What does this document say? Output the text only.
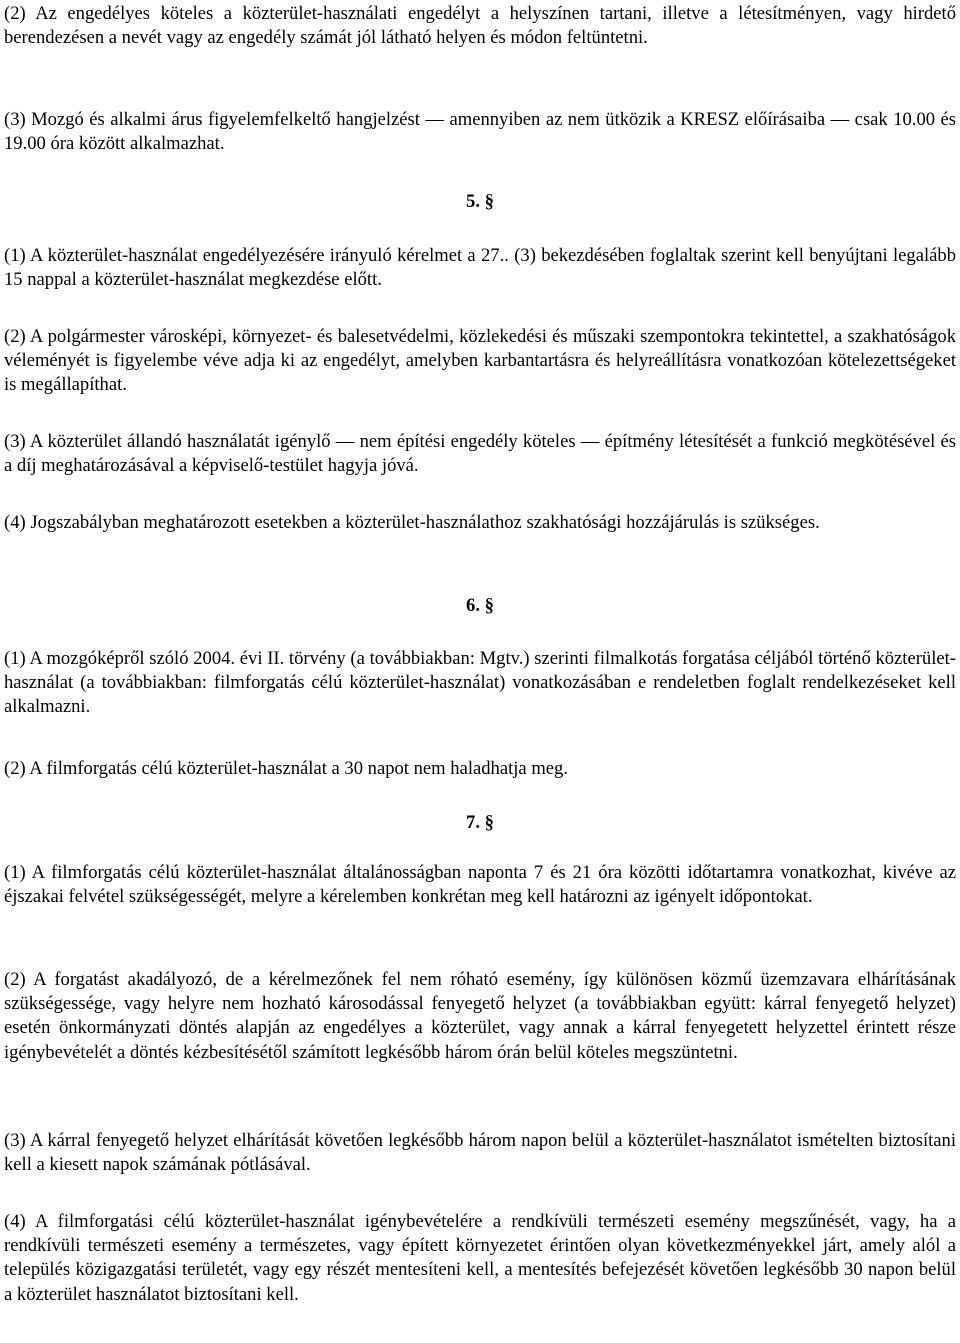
(2) Az engedélyes köteles a közterület-használati engedélyt a helyszínen tartani, illetve a létesítményen, vagy hirdető berendezésen a nevét vagy az engedély számát jól látható helyen és módon feltüntetni.

(3) Mozgó és alkalmi árus figyelemfelkeltő hangjelzést ― amennyiben az nem ütközik a KRESZ előírásaiba ― csak 10.00 és 19.00 óra között alkalmazhat.

5. §

(1) A közterület-használat engedélyezésére irányuló kérelmet a 27.. (3) bekezdésében foglaltak szerint kell benyújtani legalább 15 nappal a közterület-használat megkezdése előtt.

(2) A polgármester városképi, környezet- és balesetvédelmi, közlekedési és műszaki szempontokra tekintettel, a szakhatóságok véleményét is figyelembe véve adja ki az engedélyt, amelyben karbantartásra és helyreállításra vonatkozóan kötelezettségeket is megállapíthat.

(3) A közterület állandó használatát igénylő ― nem építési engedély köteles ― építmény létesítését a funkció megkötésével és a díj meghatározásával a képviselő-testület hagyja jóvá.

(4) Jogszabályban meghatározott esetekben a közterület-használathoz szakhatósági hozzájárulás is szükséges.

6. §

(1) A mozgóképről szóló 2004. évi II. törvény (a továbbiakban: Mgtv.) szerinti filmalkotás forgatása céljából történő közterület-használat (a továbbiakban: filmforgatás célú közterület-használat) vonatkozásában e rendeletben foglalt rendelkezéseket kell alkalmazni.

(2) A filmforgatás célú közterület-használat a 30 napot nem haladhatja meg.

7. §

(1) A filmforgatás célú közterület-használat általánosságban naponta 7 és 21 óra közötti időtartamra vonatkozhat, kivéve az éjszakai felvétel szükségességét, melyre a kérelemben konkrétan meg kell határozni az igényelt időpontokat.

(2) A forgatást akadályozó, de a kérelmezőnek fel nem róható esemény, így különösen közmű üzemzavara elhárításának szükségessége, vagy helyre nem hozható károsodással fenyegető helyzet (a továbbiakban együtt: kárral fenyegető helyzet) esetén önkormányzati döntés alapján az engedélyes a közterület, vagy annak a kárral fenyegetett helyzettel érintett része igénybevételét a döntés kézbesítésétől számított legkésőbb három órán belül köteles megszüntetni.

(3) A kárral fenyegető helyzet elhárítását követően legkésőbb három napon belül a közterület-használatot ismételten biztosítani kell a kiesett napok számának pótlásával.

(4) A filmforgatási célú közterület-használat igénybevételére a rendkívüli természeti esemény megszűnését, vagy, ha a rendkívüli természeti esemény a természetes, vagy épített környezetet érintően olyan következményekkel járt, amely alól a település közigazgatási területét, vagy egy részét mentesíteni kell, a mentesítés befejezését követően legkésőbb 30 napon belül a közterület használatot biztosítani kell.
